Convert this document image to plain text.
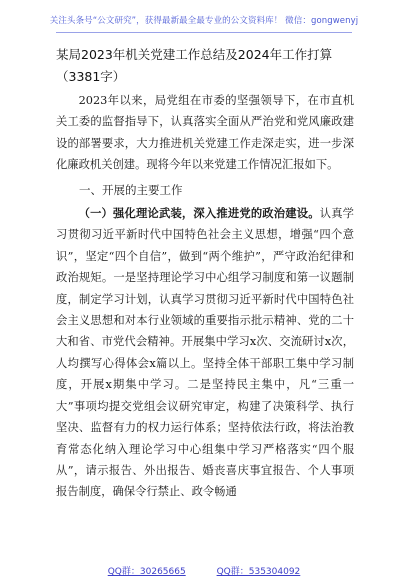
关注头条号“公文研究”，获得最新最全最专业的公文资料库！ 微信：gongwenyj
某局2023年机关党建工作总结及2024年工作打算（3381字）

2023年以来，局党组在市委的坚强领导下，在市直机关工委的监督指导下，认真落实全面从严治党和党风廉政建设的部署要求，大力推进机关党建工作走深走实，进一步深化廉政机关创建。现将今年以来党建工作情况汇报如下。

一、开展的主要工作

（一）强化理论武装，深入推进党的政治建设。认真学习贯彻习近平新时代中国特色社会主义思想，增强“四个意识”，坚定“四个自信”，做到“两个维护”，严守政治纪律和政治规矩。一是坚持理论学习中心组学习制度和第一议题制度，制定学习计划，认真学习贯彻习近平新时代中国特色社会主义思想和对本行业领域的重要指示批示精神、党的二十大和省、市党代会精神。开展集中学习x次、交流研讨x次，人均撰写心得体会x篇以上。坚持全体干部职工集中学习制度，开展x期集中学习。二是坚持民主集中，凡“三重一大”事项均提交党组会议研究审定，构建了决策科学、执行坚决、监督有力的权力运行体系；坚持依法行政，将法治教育常态化纳入理论学习中心组集中学习严格落实“四个服从”，请示报告、外出报告、婚丧喜庆事宜报告、个人事项报告制度，确保令行禁止、政令畅通

QQ群：30265665	QQ群：535304092
